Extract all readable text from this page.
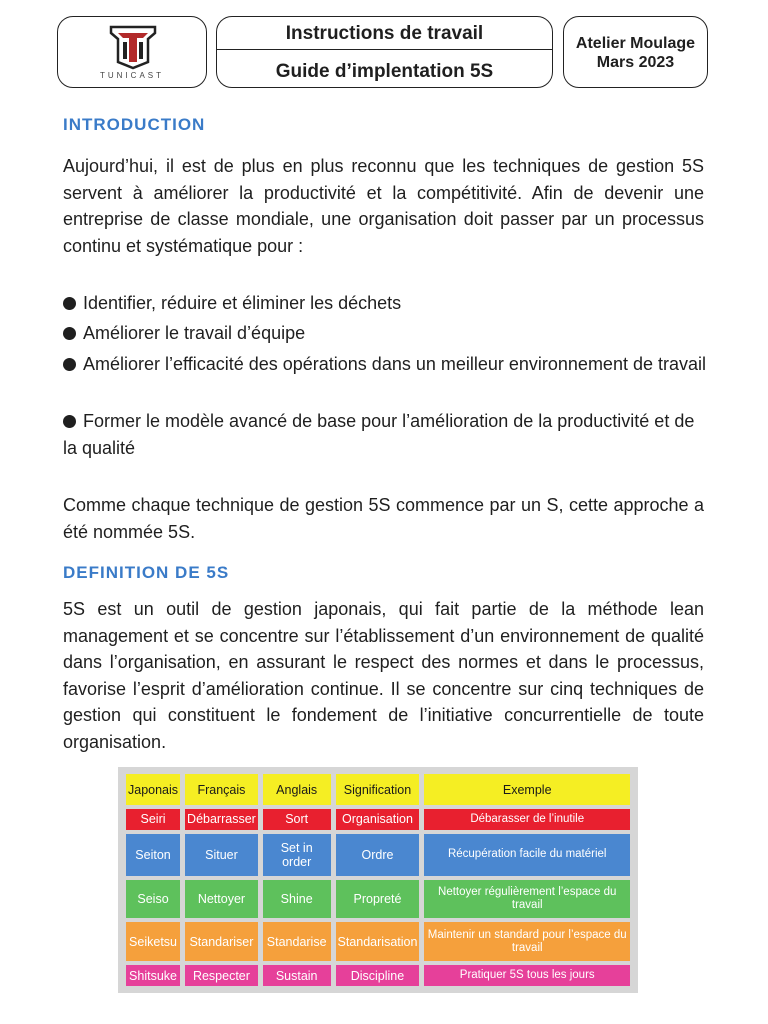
TUNICAST
Instructions de travail
Guide d’implentation 5S
Atelier Moulage
Mars 2023
INTRODUCTION
Aujourd’hui, il est de plus en plus reconnu que les techniques de gestion 5S servent à améliorer la productivité et la compétitivité. Afin de devenir une entreprise de classe mondiale, une organisation doit passer par un processus continu et systématique pour :
Identifier, réduire et éliminer les déchets
Améliorer le travail d’équipe
Améliorer l’efficacité des opérations dans un meilleur environnement de travail
Former le modèle avancé de base pour l’amélioration de la productivité et de la qualité
Comme chaque technique de gestion 5S commence par un S, cette approche a été nommée 5S.
DEFINITION DE 5S
5S est un outil de gestion japonais, qui fait partie de la méthode lean management et se concentre sur l’établissement d’un environnement de qualité dans l’organisation, en assurant le respect des normes et dans le processus, favorise l’esprit d’amélioration continue. Il se concentre sur cinq techniques de gestion qui constituent le fondement de l’initiative concurrentielle de toute organisation.
Japonais	Français	Anglais	Signification	Exemple
Seiri	Débarrasser	Sort	Organisation	Débarasser de l’inutile
Seiton	Situer	Set in order	Ordre	Récupération facile du matériel
Seiso	Nettoyer	Shine	Propreté	Nettoyer régulièrement l’espace du travail
Seiketsu	Standariser	Standarise	Standarisation	Maintenir un standard pour l’espace du travail
Shitsuke	Respecter	Sustain	Discipline	Pratiquer 5S tous les jours
